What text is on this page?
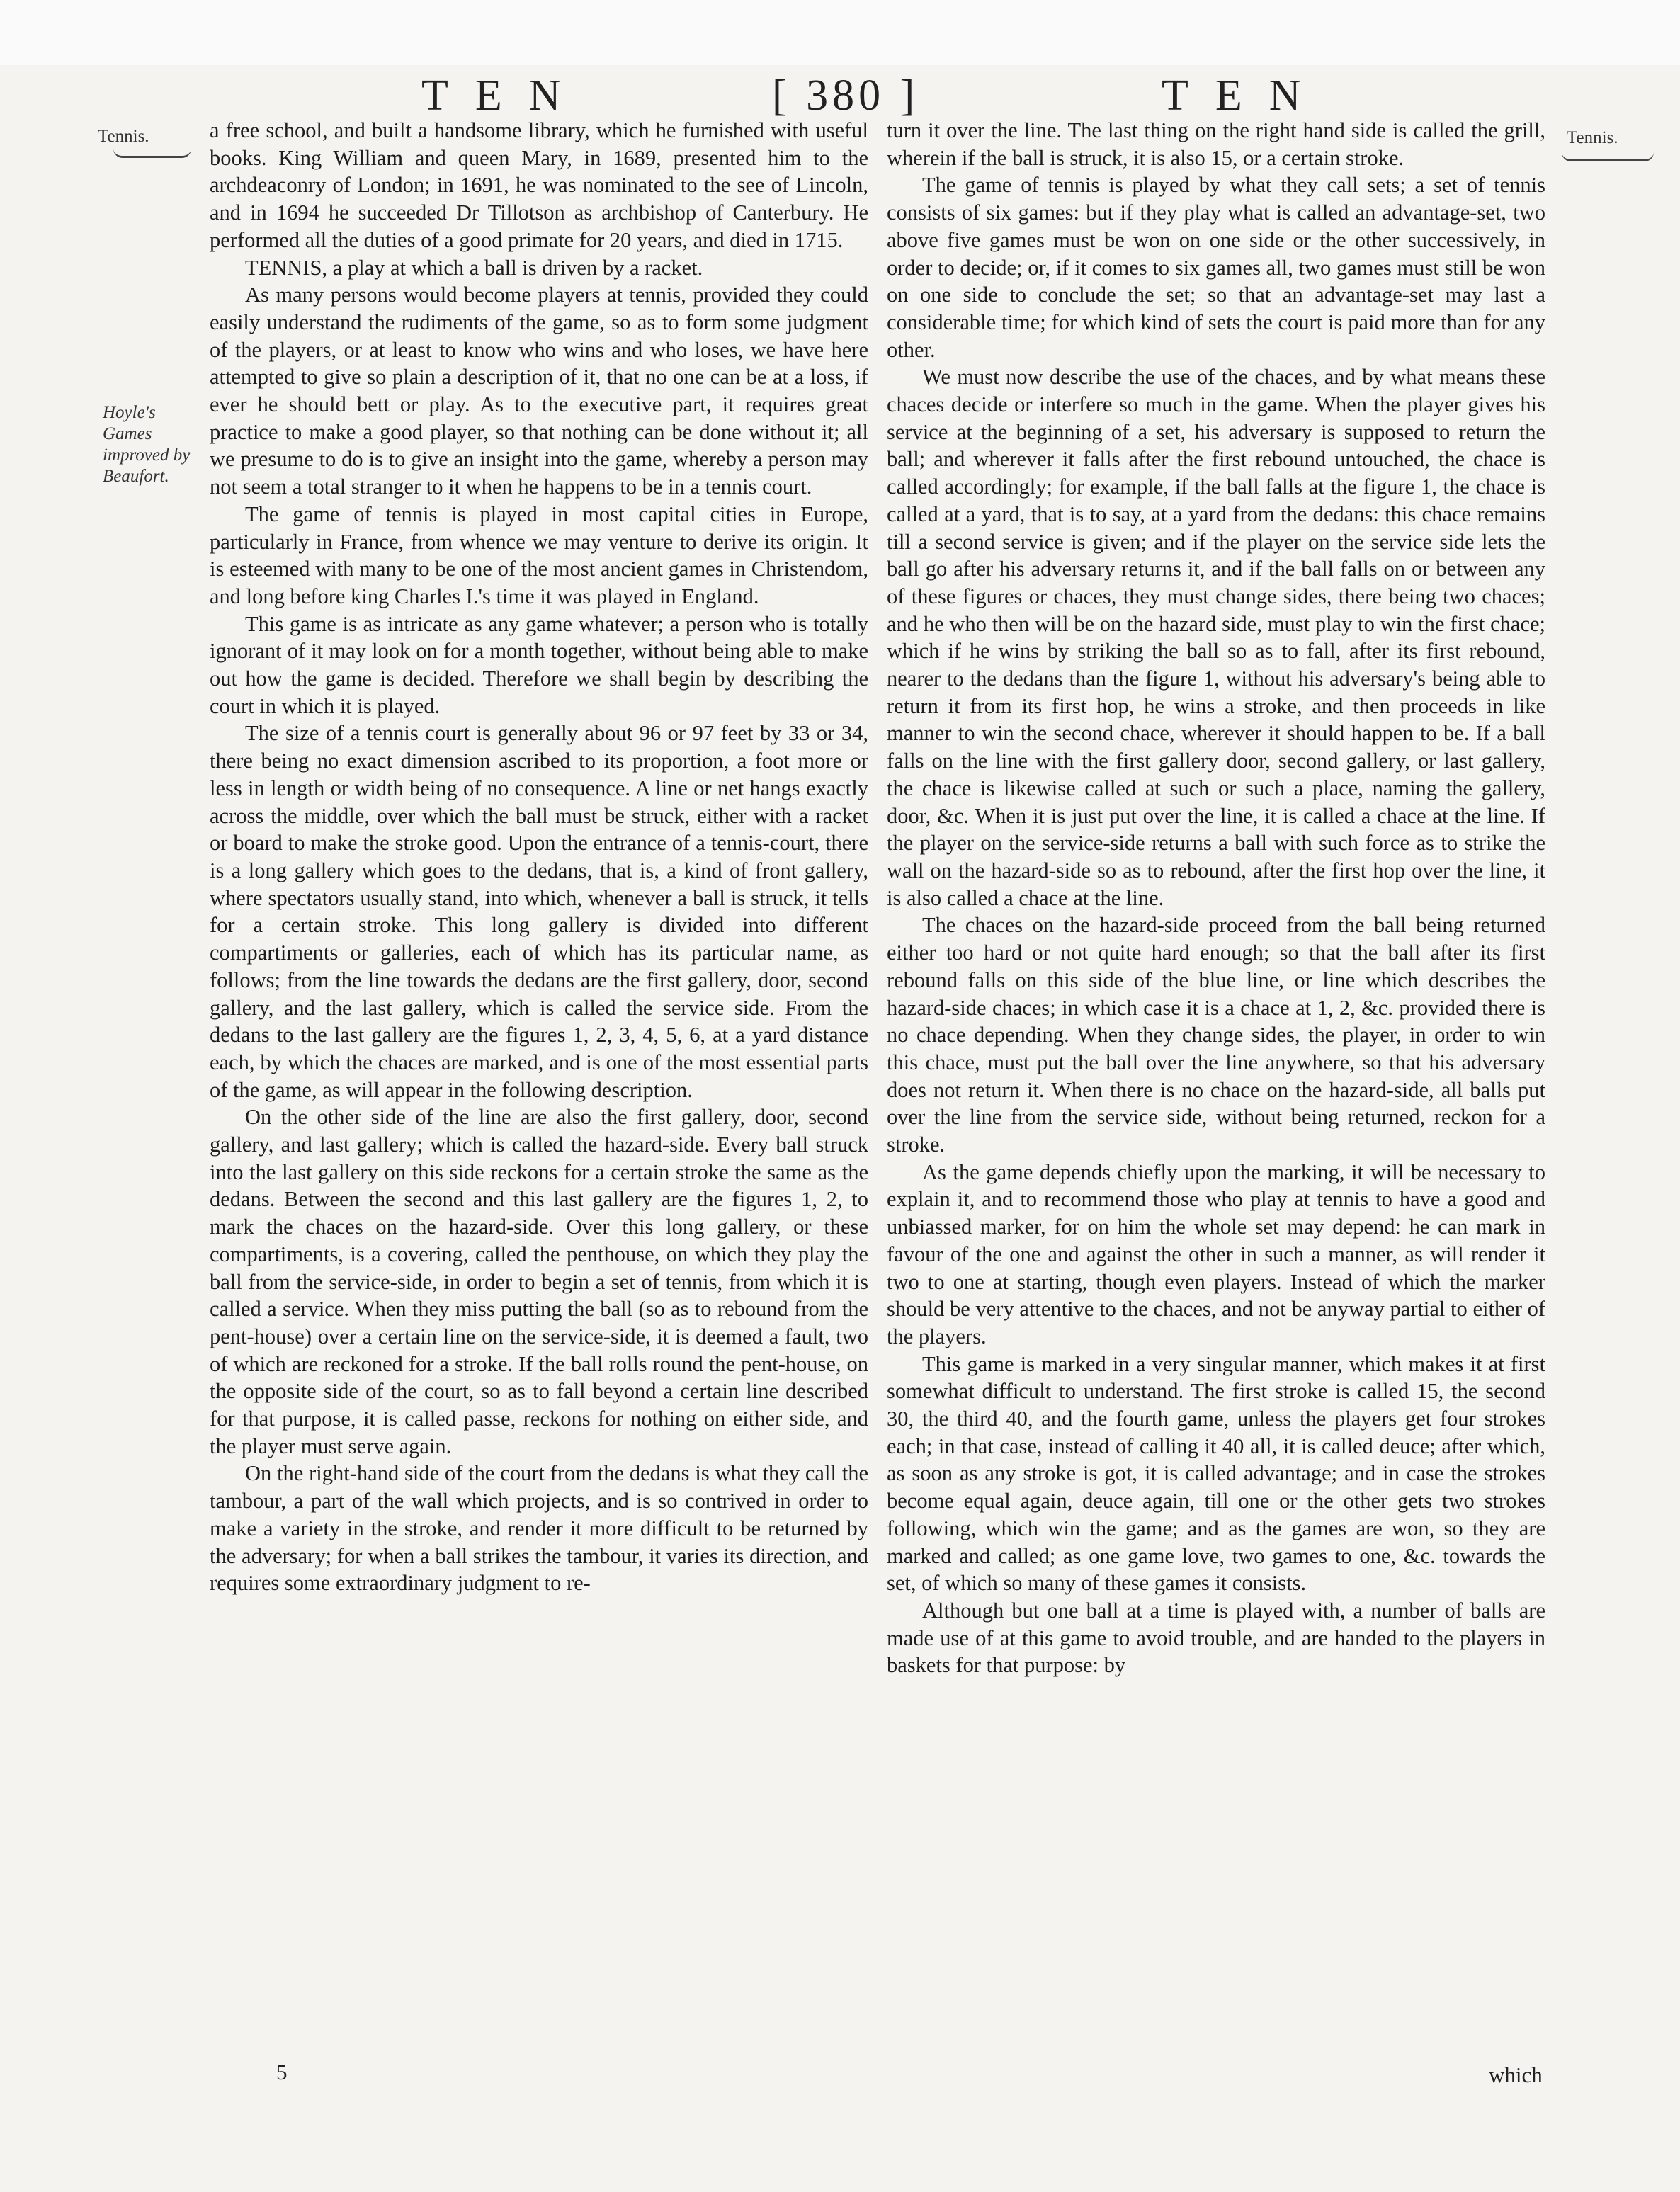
TEN	[ 380 ]	TEN
Tennis.	Tennis.
Hoyle's Games improved by Beaufort.

a free school, and built a handsome library, which he furnished with useful books. King William and queen Mary, in 1689, presented him to the archdeaconry of London; in 1691, he was nominated to the see of Lincoln, and in 1694 he succeeded Dr Tillotson as archbishop of Canterbury. He performed all the duties of a good primate for 20 years, and died in 1715.

TENNIS, a play at which a ball is driven by a racket.

As many persons would become players at tennis, provided they could easily understand the rudiments of the game, so as to form some judgment of the players, or at least to know who wins and who loses, we have here attempted to give so plain a description of it, that no one can be at a loss, if ever he should bett or play. As to the executive part, it requires great practice to make a good player, so that nothing can be done without it; all we presume to do is to give an insight into the game, whereby a person may not seem a total stranger to it when he happens to be in a tennis court.

The game of tennis is played in most capital cities in Europe, particularly in France, from whence we may venture to derive its origin. It is esteemed with many to be one of the most ancient games in Christendom, and long before king Charles I.'s time it was played in England.

This game is as intricate as any game whatever; a person who is totally ignorant of it may look on for a month together, without being able to make out how the game is decided. Therefore we shall begin by describing the court in which it is played.

The size of a tennis court is generally about 96 or 97 feet by 33 or 34, there being no exact dimension ascribed to its proportion, a foot more or less in length or width being of no consequence. A line or net hangs exactly across the middle, over which the ball must be struck, either with a racket or board to make the stroke good. Upon the entrance of a tennis-court, there is a long gallery which goes to the dedans, that is, a kind of front gallery, where spectators usually stand, into which, whenever a ball is struck, it tells for a certain stroke. This long gallery is divided into different compartiments or galleries, each of which has its particular name, as follows; from the line towards the dedans are the first gallery, door, second gallery, and the last gallery, which is called the service side. From the dedans to the last gallery are the figures 1, 2, 3, 4, 5, 6, at a yard distance each, by which the chaces are marked, and is one of the most essential parts of the game, as will appear in the following description.

On the other side of the line are also the first gallery, door, second gallery, and last gallery; which is called the hazard-side. Every ball struck into the last gallery on this side reckons for a certain stroke the same as the dedans. Between the second and this last gallery are the figures 1, 2, to mark the chaces on the hazard-side. Over this long gallery, or these compartiments, is a covering, called the penthouse, on which they play the ball from the service-side, in order to begin a set of tennis, from which it is called a service. When they miss putting the ball (so as to rebound from the pent-house) over a certain line on the service-side, it is deemed a fault, two of which are reckoned for a stroke. If the ball rolls round the pent-house, on the opposite side of the court, so as to fall beyond a certain line described for that purpose, it is called passe, reckons for nothing on either side, and the player must serve again.

On the right-hand side of the court from the dedans is what they call the tambour, a part of the wall which projects, and is so contrived in order to make a variety in the stroke, and render it more difficult to be returned by the adversary; for when a ball strikes the tambour, it varies its direction, and requires some extraordinary judgment to re-

turn it over the line. The last thing on the right hand side is called the grill, wherein if the ball is struck, it is also 15, or a certain stroke.

The game of tennis is played by what they call sets; a set of tennis consists of six games: but if they play what is called an advantage-set, two above five games must be won on one side or the other successively, in order to decide; or, if it comes to six games all, two games must still be won on one side to conclude the set; so that an advantage-set may last a considerable time; for which kind of sets the court is paid more than for any other.

We must now describe the use of the chaces, and by what means these chaces decide or interfere so much in the game. When the player gives his service at the beginning of a set, his adversary is supposed to return the ball; and wherever it falls after the first rebound untouched, the chace is called accordingly; for example, if the ball falls at the figure 1, the chace is called at a yard, that is to say, at a yard from the dedans: this chace remains till a second service is given; and if the player on the service side lets the ball go after his adversary returns it, and if the ball falls on or between any of these figures or chaces, they must change sides, there being two chaces; and he who then will be on the hazard side, must play to win the first chace; which if he wins by striking the ball so as to fall, after its first rebound, nearer to the dedans than the figure 1, without his adversary's being able to return it from its first hop, he wins a stroke, and then proceeds in like manner to win the second chace, wherever it should happen to be. If a ball falls on the line with the first gallery door, second gallery, or last gallery, the chace is likewise called at such or such a place, naming the gallery, door, &c. When it is just put over the line, it is called a chace at the line. If the player on the service-side returns a ball with such force as to strike the wall on the hazard-side so as to rebound, after the first hop over the line, it is also called a chace at the line.

The chaces on the hazard-side proceed from the ball being returned either too hard or not quite hard enough; so that the ball after its first rebound falls on this side of the blue line, or line which describes the hazard-side chaces; in which case it is a chace at 1, 2, &c. provided there is no chace depending. When they change sides, the player, in order to win this chace, must put the ball over the line anywhere, so that his adversary does not return it. When there is no chace on the hazard-side, all balls put over the line from the service side, without being returned, reckon for a stroke.

As the game depends chiefly upon the marking, it will be necessary to explain it, and to recommend those who play at tennis to have a good and unbiassed marker, for on him the whole set may depend: he can mark in favour of the one and against the other in such a manner, as will render it two to one at starting, though even players. Instead of which the marker should be very attentive to the chaces, and not be anyway partial to either of the players.

This game is marked in a very singular manner, which makes it at first somewhat difficult to understand. The first stroke is called 15, the second 30, the third 40, and the fourth game, unless the players get four strokes each; in that case, instead of calling it 40 all, it is called deuce; after which, as soon as any stroke is got, it is called advantage; and in case the strokes become equal again, deuce again, till one or the other gets two strokes following, which win the game; and as the games are won, so they are marked and called; as one game love, two games to one, &c. towards the set, of which so many of these games it consists.

Although but one ball at a time is played with, a number of balls are made use of at this game to avoid trouble, and are handed to the players in baskets for that purpose: by

5	which
